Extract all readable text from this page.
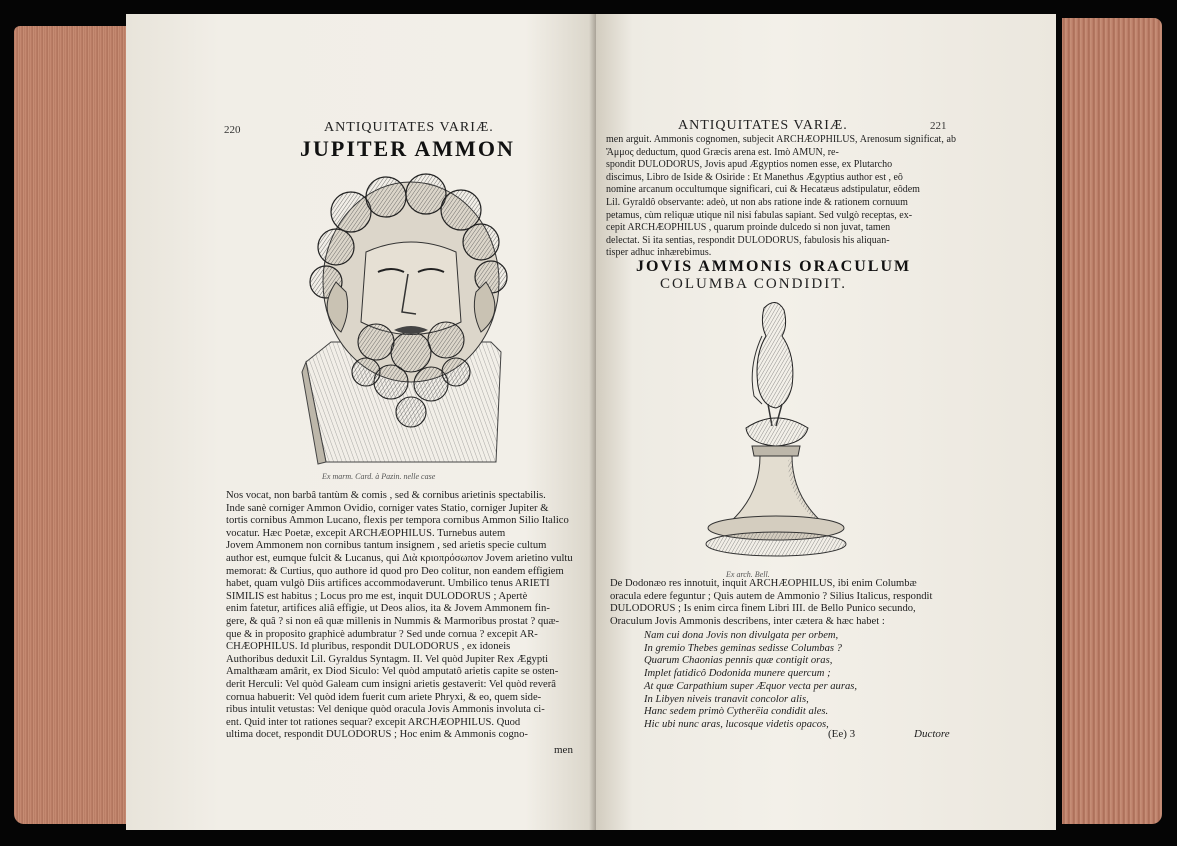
220	ANTIQUITATES VARIÆ.
JUPITER AMMON
Ex marm. Card. à Pazin. nelle case

Nos vocat, non barbâ tantùm & comis , sed & cornibus arietinis spectabilis.

Inde sanè corniger Ammon Ovidio, corniger vates Statio, corniger Jupiter &

tortis cornibus Ammon Lucano, flexis per tempora cornibus Ammon Silio Italico

vocatur. Hæc Poetæ, excepit ARCHÆOPHILUS. Turnebus autem

Jovem Ammonem non cornibus tantum insignem , sed arietis specie cultum

author est, eumque fulcit & Lucanus, qui Διὰ κριοπρόσωπον Jovem arietino vultu

memorat: & Curtius, quo authore id quod pro Deo colitur, non eandem effigiem

habet, quam vulgò Diis artifices accommodaverunt. Umbilico tenus ARIETI

SIMILIS est habitus ; Locus pro me est, inquit DULODORUS ; Apertè

enim fatetur, artifices aliâ effigie, ut Deos alios, ita & Jovem Ammonem fin-

gere, & quâ ? si non eâ quæ millenis in Nummis & Marmoribus prostat ? quæ-

que & in proposito graphicè adumbratur ? Sed unde cornua ? excepit AR-

CHÆOPHILUS. Id pluribus, respondit DULODORUS , ex idoneis

Authoribus deduxit Lil. Gyraldus Syntagm. II. Vel quòd Jupiter Rex Ægypti

Amalthæam amârit, ex Diod Siculo: Vel quòd amputatô arietis capite se osten-

derit Herculi: Vel quòd Galeam cum insigni arietis gestaverit: Vel quòd reverâ

cornua habuerit: Vel quòd idem fuerit cum ariete Phryxi, & eo, quem side-

ribus intulit vetustas: Vel denique quòd oracula Jovis Ammonis involuta ci-

ent. Quid inter tot rationes sequar? excepit ARCHÆOPHILUS. Quod

ultima docet, respondit DULODORUS ; Hoc enim & Ammonis cogno-

men
ANTIQUITATES VARIÆ.	221

men arguit. Ammonis cognomen, subjecit ARCHÆOPHILUS, Arenosum significat, ab Ἄμμος deductum, quod Græcis arena est. Imò AMUN, re-

spondit DULODORUS, Jovis apud Ægyptios nomen esse, ex Plutarcho

discimus, Libro de Iside & Osiride : Et Manethus Ægyptius author est , eô

nomine arcanum occultumque significari, cui & Hecatæus adstipulatur, eôdem

Lil. Gyraldô observante: adeò, ut non abs ratione inde & rationem cornuum

petamus, cùm reliquæ utique nil nisi fabulas sapiant. Sed vulgò receptas, ex-

cepit ARCHÆOPHILUS , quarum proinde dulcedo si non juvat, tamen

delectat. Si ita sentias, respondit DULODORUS, fabulosis his aliquan-

tisper adhuc inhærebimus.

JOVIS AMMONIS ORACULUM
COLUMBA CONDIDIT.
Ex arch. Bell.

De Dodonæo res innotuit, inquit ARCHÆOPHILUS, ibi enim Columbæ

oracula edere feguntur ; Quis autem de Ammonio ? Silius Italicus, respondit

DULODORUS ; Is enim circa finem Libri III. de Bello Punico secundo,

Oraculum Jovis Ammonis describens, inter cætera & hæc habet :

Nam cui dona Jovis non divulgata per orbem,
In gremio Thebes geminas sedisse Columbas ?
Quarum Chaonias pennis quæ contigit oras,
Implet fatidicô Dodonida munere quercum ;
At quæ Carpathium super Æquor vecta per auras,
In Libyen niveis tranavit concolor alis,
Hanc sedem primò Cytherëia condidit ales.
Hic ubi nunc aras, lucosque videtis opacos,
(Ee) 3	Ductore
